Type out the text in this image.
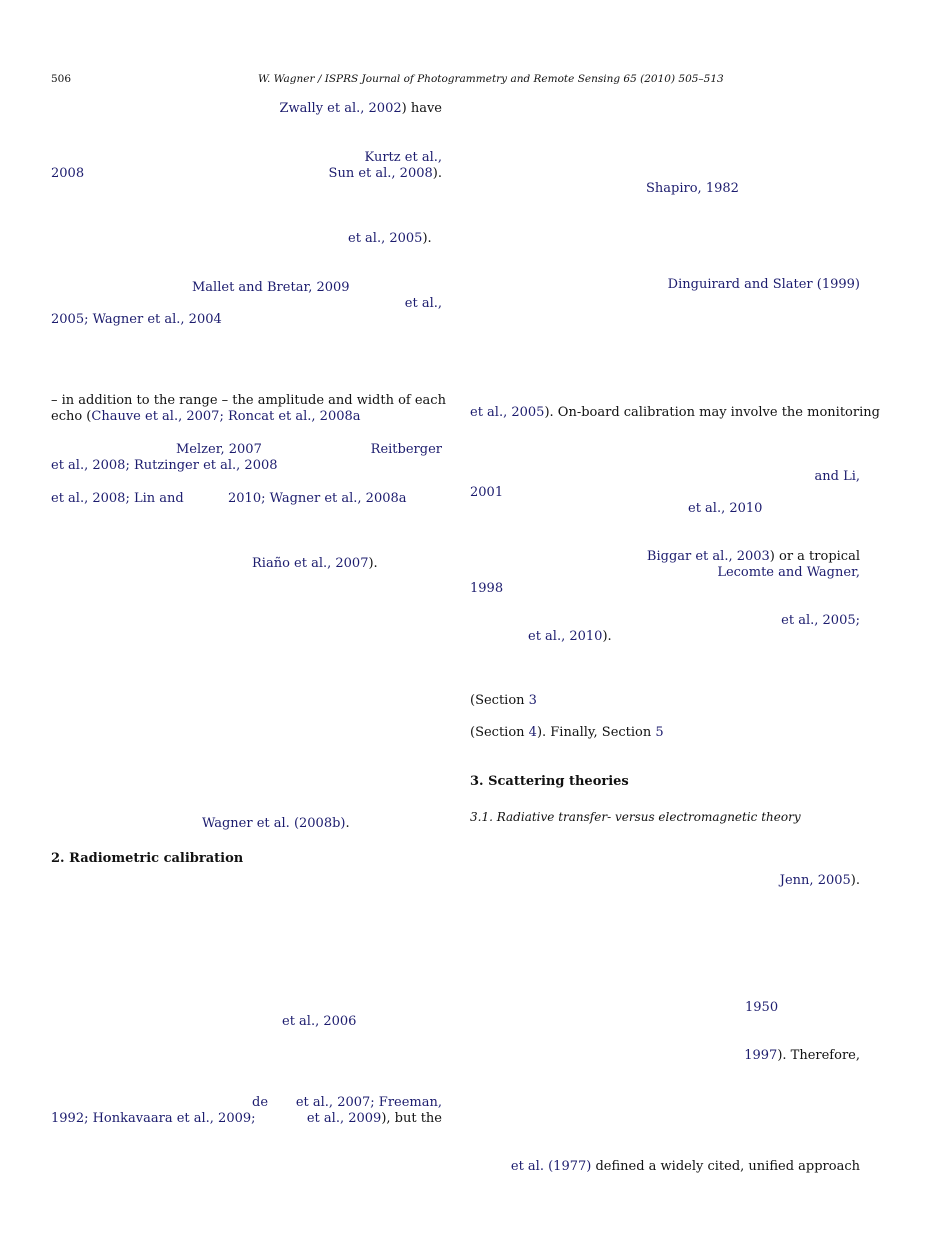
506	W. Wagner / ISPRS Journal of Photogrammetry and Remote Sensing 65 (2010) 505–513
Zwally et al., 2002) have
Kurtz et al.,
2008	Sun et al., 2008).
et al., 2005).
Mallet and Bretar, 2009
et al.,
2005; Wagner et al., 2004
– in addition to the range – the amplitude and width of each
echo (Chauve et al., 2007; Roncat et al., 2008a
Melzer, 2007	Reitberger
et al., 2008; Rutzinger et al., 2008
et al., 2008; Lin and	2010; Wagner et al., 2008a
Riaño et al., 2007).
Wagner et al. (2008b).
2. Radiometric calibration
et al., 2006
de	et al., 2007; Freeman,
1992; Honkavaara et al., 2009;	et al., 2009), but the
Shapiro, 1982
Dinguirard and Slater (1999)
et al., 2005). On-board calibration may involve the monitoring
and Li,
2001
et al., 2010
Biggar et al., 2003) or a tropical
Lecomte and Wagner,
1998
et al., 2005;
et al., 2010).
(Section 3
(Section 4). Finally, Section 5
3. Scattering theories
3.1. Radiative transfer- versus electromagnetic theory
Jenn, 2005).
1950
1997). Therefore,
et al. (1977) defined a widely cited, unified approach
